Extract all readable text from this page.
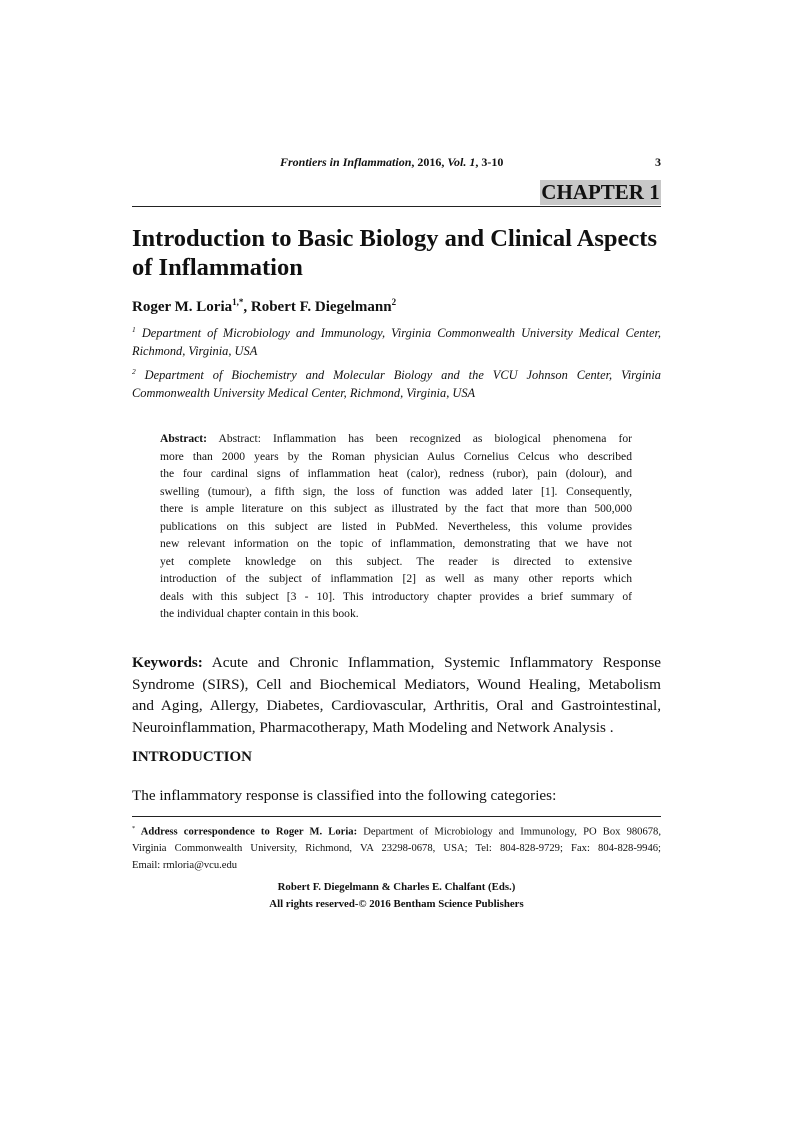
Frontiers in Inflammation, 2016, Vol. 1, 3-10	3
CHAPTER 1
Introduction to Basic Biology and Clinical Aspects
of Inflammation
Roger M. Loria$^{1,*}$, Robert F. Diegelmann$^2$
$^1$ Department of Microbiology and Immunology, Virginia Commonwealth University Medical Center, Richmond, Virginia, USA
$^2$ Department of Biochemistry and Molecular Biology and the VCU Johnson Center, Virginia Commonwealth University Medical Center, Richmond, Virginia, USA
Abstract: Abstract: Inflammation has been recognized as biological phenomena for
more than 2000 years by the Roman physician Aulus Cornelius Celcus who described
the four cardinal signs of inflammation heat (calor), redness (rubor), pain (dolour), and
swelling (tumour), a fifth sign, the loss of function was added later [1]. Consequently,
there is ample literature on this subject as illustrated by the fact that more than 500,000
publications on this subject are listed in PubMed. Nevertheless, this volume provides
new relevant information on the topic of inflammation, demonstrating that we have not
yet complete knowledge on this subject. The reader is directed to extensive
introduction of the subject of inflammation [2] as well as many other reports which
deals with this subject [3 - 10]. This introductory chapter provides a brief summary of
the individual chapter contain in this book.
Keywords: Acute and Chronic Inflammation, Systemic Inflammatory Response
Syndrome (SIRS), Cell and Biochemical Mediators, Wound Healing, Metabolism
and Aging, Allergy, Diabetes, Cardiovascular, Arthritis, Oral and Gastrointestinal,
Neuroinflammation, Pharmacotherapy, Math Modeling and Network Analysis .
INTRODUCTION
The inflammatory response is classified into the following categories:
* Address correspondence to Roger M. Loria: Department of Microbiology and Immunology, PO Box 980678,
Virginia Commonwealth University, Richmond, VA 23298-0678, USA; Tel: 804-828-9729; Fax: 804-828-9946;
Email: rmloria@vcu.edu
Robert F. Diegelmann & Charles E. Chalfant (Eds.)
All rights reserved-© 2016 Bentham Science Publishers
